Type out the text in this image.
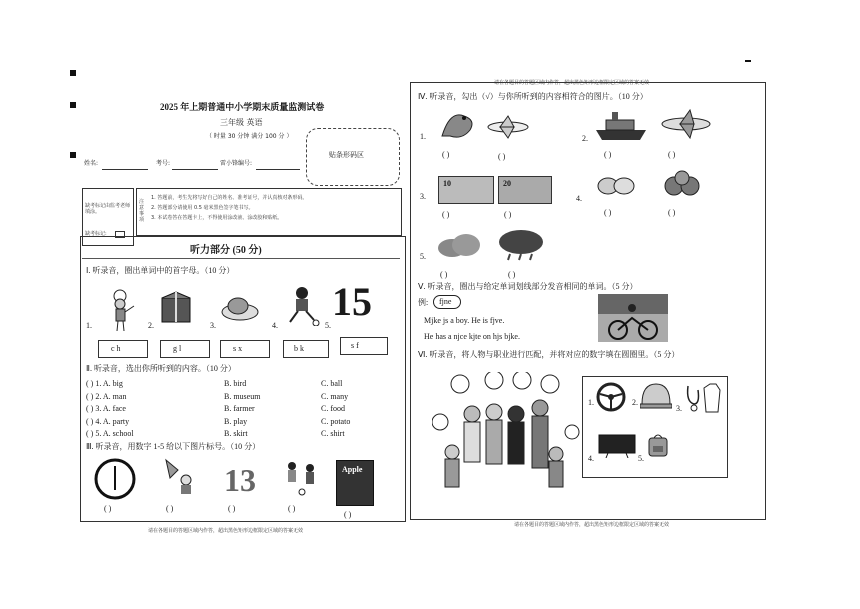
2025 年上期普通中小学期末质量监测试卷
三年级 英语
（ 时量 30 分钟 满分 100 分 ）
姓名:	考号:	雷小锋编号:
贴条形码区
缺考标记由监考老师填涂。
缺考标记:
注意事项
1. 答题前，考生先将写好自己的姓名、准考证号，并认真核对条形码。
2. 答题部分请使用 0.5 毫米黑色签字笔书写。
3. 本试卷答在答题卡上，不得使用涂改液、涂改胶和贴纸。
听力部分 (50 分)
Ⅰ. 听录音，圈出单词中的首字母。（10 分）
15
1.	2.	3.	4.	5.
c h	g l	s x	b k	s f
Ⅱ. 听录音，选出你所听到的内容。（10 分）
( ) 1. A. big	B. bird	C. ball
( ) 2. A. man	B. museum	C. many
( ) 3. A. face	B. farmer	C. food
( ) 4. A. party	B. play	C. potato
( ) 5. A. school	B. skirt	C. shirt
Ⅲ. 听录音，用数字 1-5 给以下图片标号。（10 分）
13	Apple
( )	( )	( )	( )
( )
请在各题目的答题区域内作答，超出黑色矩形边框限定区域的答案无效
请在各题目的答题区域内作答，超出黑色矩形边框限定区域的答案无效
Ⅳ. 听录音，勾出（√）与你所听到的内容相符合的图片。（10 分）
1.	2.
( )	( )	( )	( )
3.
10	20
4.
( )	( )	( )	( )
5.
( )	( )
Ⅴ. 听录音，圈出与给定单词划线部分发音相同的单词。（5 分）
例: fjne
Mjke js a boy. He is fjve.
He has a njce kjte on hjs bjke.
Ⅵ. 听录音，将人物与职业进行匹配，并将对应的数字填在圆圈里。（5 分）
1.	2.
3.
4.	5.
请在各题目的答题区域内作答，超出黑色矩形边框限定区域的答案无效
